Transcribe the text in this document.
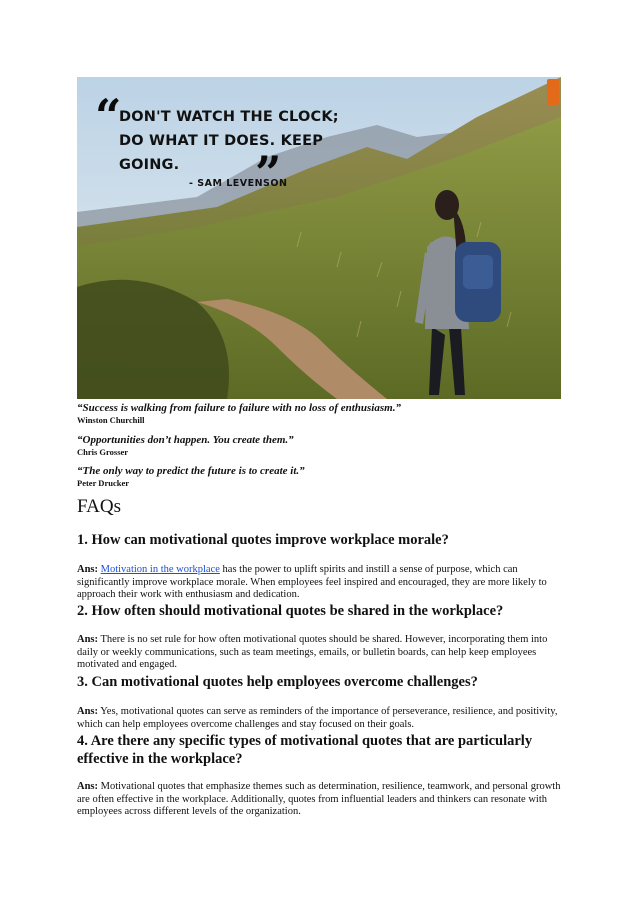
“
DON'T WATCH THE CLOCK; DO WHAT IT DOES. KEEP GOING.	”
- SAM LEVENSON
“Success is walking from failure to failure with no loss of enthusiasm.”
Winston Churchill
“Opportunities don’t happen. You create them.”
Chris Grosser
“The only way to predict the future is to create it.”
Peter Drucker
FAQs
1. How can motivational quotes improve workplace morale?
Ans: Motivation in the workplace has the power to uplift spirits and instill a sense of purpose, which can significantly improve workplace morale. When employees feel inspired and encouraged, they are more likely to approach their work with enthusiasm and dedication.
2. How often should motivational quotes be shared in the workplace?
Ans: There is no set rule for how often motivational quotes should be shared. However, incorporating them into daily or weekly communications, such as team meetings, emails, or bulletin boards, can help keep employees motivated and engaged.
3. Can motivational quotes help employees overcome challenges?
Ans: Yes, motivational quotes can serve as reminders of the importance of perseverance, resilience, and positivity, which can help employees overcome challenges and stay focused on their goals.
4. Are there any specific types of motivational quotes that are particularly effective in the workplace?
Ans: Motivational quotes that emphasize themes such as determination, resilience, teamwork, and personal growth are often effective in the workplace. Additionally, quotes from influential leaders and thinkers can resonate with employees across different levels of the organization.
